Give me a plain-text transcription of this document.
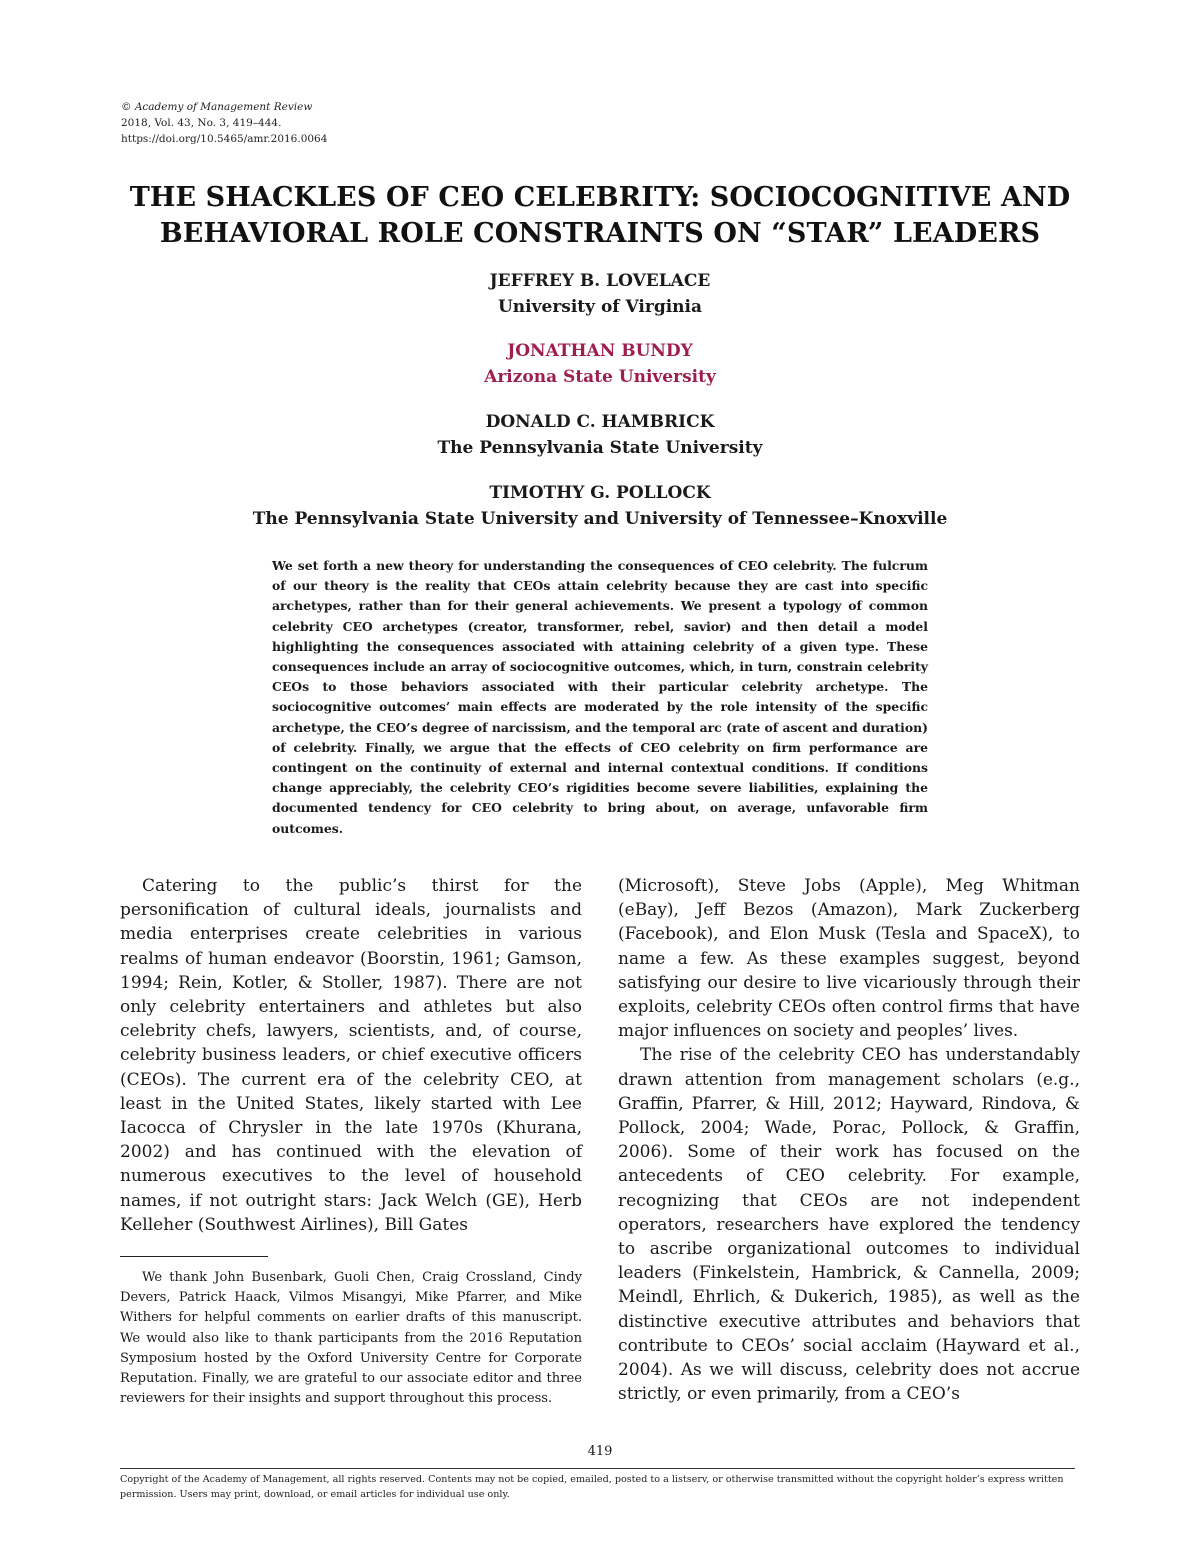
© Academy of Management Review
2018, Vol. 43, No. 3, 419–444.
https://doi.org/10.5465/amr.2016.0064
THE SHACKLES OF CEO CELEBRITY: SOCIOCOGNITIVE AND BEHAVIORAL ROLE CONSTRAINTS ON “STAR” LEADERS
JEFFREY B. LOVELACE
University of Virginia
JONATHAN BUNDY
Arizona State University
DONALD C. HAMBRICK
The Pennsylvania State University
TIMOTHY G. POLLOCK
The Pennsylvania State University and University of Tennessee–Knoxville
We set forth a new theory for understanding the consequences of CEO celebrity. The fulcrum of our theory is the reality that CEOs attain celebrity because they are cast into specific archetypes, rather than for their general achievements. We present a typology of common celebrity CEO archetypes (creator, transformer, rebel, savior) and then detail a model highlighting the consequences associated with attaining celebrity of a given type. These consequences include an array of sociocognitive outcomes, which, in turn, constrain celebrity CEOs to those behaviors associated with their particular celebrity archetype. The sociocognitive outcomes’ main effects are moderated by the role intensity of the specific archetype, the CEO’s degree of narcissism, and the temporal arc (rate of ascent and duration) of celebrity. Finally, we argue that the effects of CEO celebrity on firm performance are contingent on the continuity of external and internal contextual conditions. If conditions change appreciably, the celebrity CEO’s rigidities become severe liabilities, explaining the documented tendency for CEO celebrity to bring about, on average, unfavorable firm outcomes.

Catering to the public’s thirst for the personification of cultural ideals, journalists and media enterprises create celebrities in various realms of human endeavor (Boorstin, 1961; Gamson, 1994; Rein, Kotler, & Stoller, 1987). There are not only celebrity entertainers and athletes but also celebrity chefs, lawyers, scientists, and, of course, celebrity business leaders, or chief executive officers (CEOs). The current era of the celebrity CEO, at least in the United States, likely started with Lee Iacocca of Chrysler in the late 1970s (Khurana, 2002) and has continued with the elevation of numerous executives to the level of household names, if not outright stars: Jack Welch (GE), Herb Kelleher (Southwest Airlines), Bill Gates

(Microsoft), Steve Jobs (Apple), Meg Whitman (eBay), Jeff Bezos (Amazon), Mark Zuckerberg (Facebook), and Elon Musk (Tesla and SpaceX), to name a few. As these examples suggest, beyond satisfying our desire to live vicariously through their exploits, celebrity CEOs often control firms that have major influences on society and peoples’ lives.

The rise of the celebrity CEO has understandably drawn attention from management scholars (e.g., Graffin, Pfarrer, & Hill, 2012; Hayward, Rindova, & Pollock, 2004; Wade, Porac, Pollock, & Graffin, 2006). Some of their work has focused on the antecedents of CEO celebrity. For example, recognizing that CEOs are not independent operators, researchers have explored the tendency to ascribe organizational outcomes to individual leaders (Finkelstein, Hambrick, & Cannella, 2009; Meindl, Ehrlich, & Dukerich, 1985), as well as the distinctive executive attributes and behaviors that contribute to CEOs’ social acclaim (Hayward et al., 2004). As we will discuss, celebrity does not accrue strictly, or even primarily, from a CEO’s

We thank John Busenbark, Guoli Chen, Craig Crossland, Cindy Devers, Patrick Haack, Vilmos Misangyi, Mike Pfarrer, and Mike Withers for helpful comments on earlier drafts of this manuscript. We would also like to thank participants from the 2016 Reputation Symposium hosted by the Oxford University Centre for Corporate Reputation. Finally, we are grateful to our associate editor and three reviewers for their insights and support throughout this process.
419
Copyright of the Academy of Management, all rights reserved. Contents may not be copied, emailed, posted to a listserv, or otherwise transmitted without the copyright holder’s express written permission. Users may print, download, or email articles for individual use only.
